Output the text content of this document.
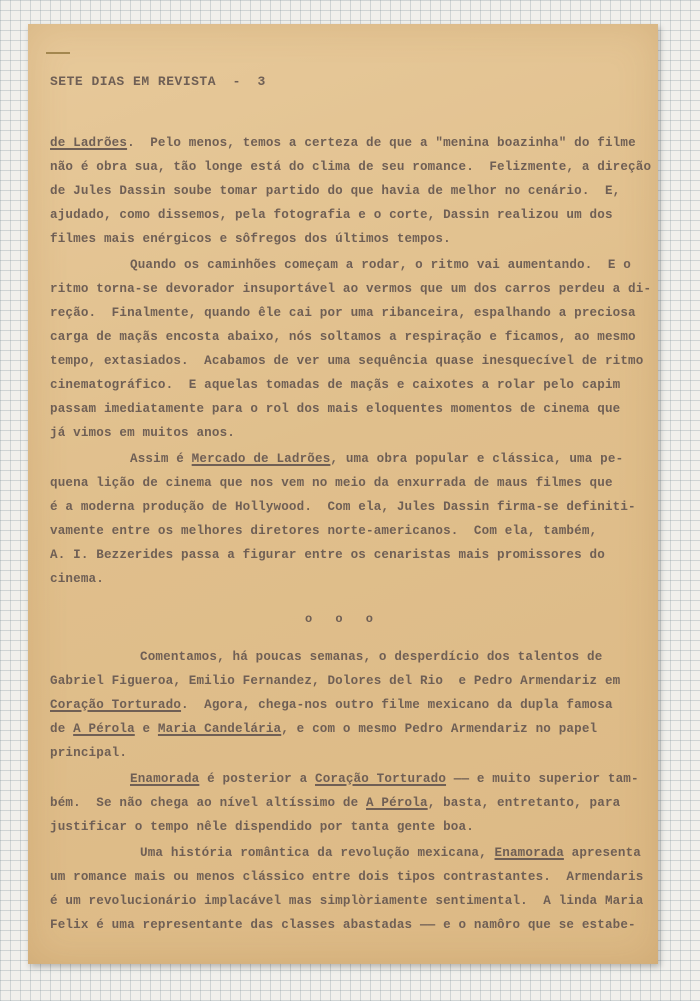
SETE DIAS EM REVISTA  -  3
de Ladrões.  Pelo menos, temos a certeza de que a "menina boazinha" do filme
não é obra sua, tão longe está do clima de seu romance.  Felizmente, a direção
de Jules Dassin soube tomar partido do que havia de melhor no cenário.  E,
ajudado, como dissemos, pela fotografia e o corte, Dassin realizou um dos
filmes mais enérgicos e sôfregos dos últimos tempos.
Quando os caminhões começam a rodar, o ritmo vai aumentando.  E o
ritmo torna-se devorador insuportável ao vermos que um dos carros perdeu a di-
reção.  Finalmente, quando êle cai por uma ribanceira, espalhando a preciosa
carga de maçãs encosta abaixo, nós soltamos a respiração e ficamos, ao mesmo
tempo, extasiados.  Acabamos de ver uma sequência quase inesquecível de ritmo
cinematográfico.  E aquelas tomadas de maçãs e caixotes a rolar pelo capim
passam imediatamente para o rol dos mais eloquentes momentos de cinema que
já vimos em muitos anos.
Assim é Mercado de Ladrões, uma obra popular e clássica, uma pe-
quena lição de cinema que nos vem no meio da enxurrada de maus filmes que
é a moderna produção de Hollywood.  Com ela, Jules Dassin firma-se definiti-
vamente entre os melhores diretores norte-americanos.  Com ela, também,
A. I. Bezzerides passa a figurar entre os cenaristas mais promissores do
cinema.
o o o
Comentamos, há poucas semanas, o desperdício dos talentos de
Gabriel Figueroa, Emilio Fernandez, Dolores del Rio  e Pedro Armendariz em
Coração Torturado.  Agora, chega-nos outro filme mexicano da dupla famosa
de A Pérola e Maria Candelária, e com o mesmo Pedro Armendariz no papel
principal.
Enamorada é posterior a Coração Torturado —— e muito superior tam-
bém.  Se não chega ao nível altíssimo de A Pérola, basta, entretanto, para
justificar o tempo nêle dispendido por tanta gente boa.
Uma história romântica da revolução mexicana, Enamorada apresenta
um romance mais ou menos clássico entre dois tipos contrastantes.  Armendaris
é um revolucionário implacável mas simplòriamente sentimental.  A linda Maria
Felix é uma representante das classes abastadas —— e o namôro que se estabe-
